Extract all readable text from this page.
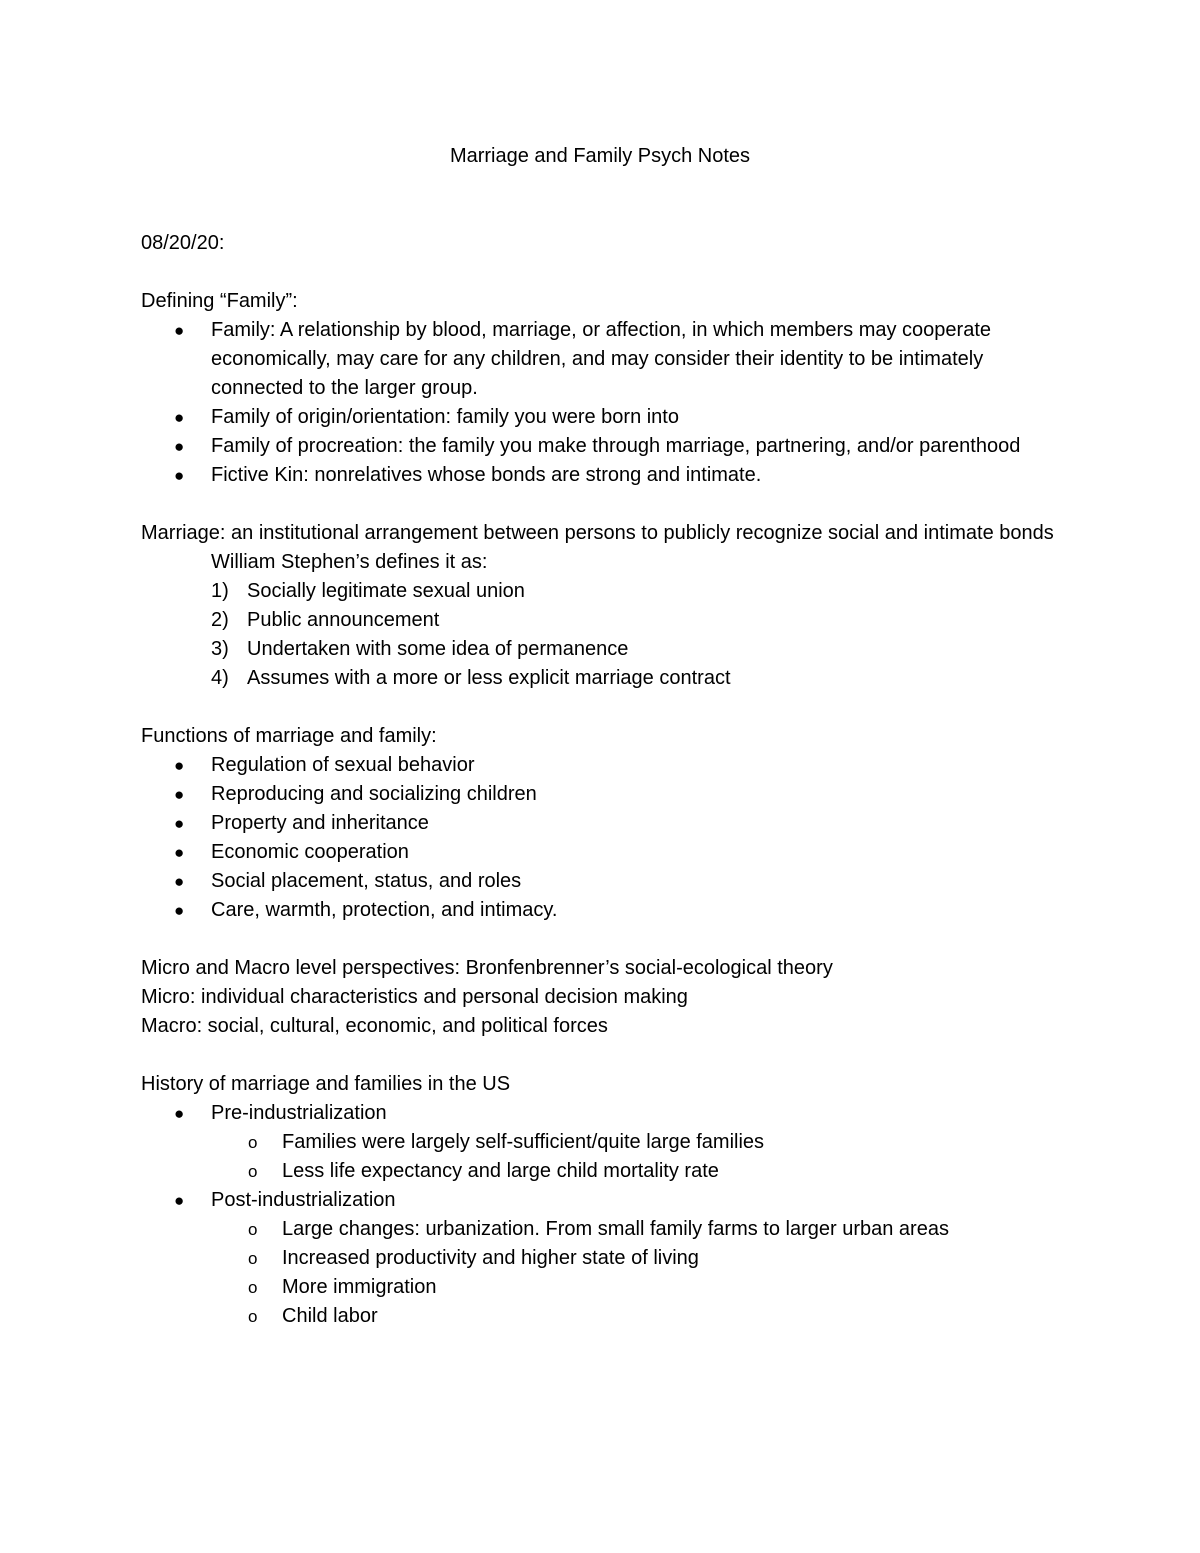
Marriage and Family Psych Notes

08/20/20:

Defining “Family”:

● Family: A relationship by blood, marriage, or affection, in which members may cooperate economically, may care for any children, and may consider their identity to be intimately connected to the larger group.
● Family of origin/orientation: family you were born into
● Family of procreation: the family you make through marriage, partnering, and/or parenthood
● Fictive Kin: nonrelatives whose bonds are strong and intimate.

Marriage: an institutional arrangement between persons to publicly recognize social and intimate bonds

William Stephen’s defines it as:

1) Socially legitimate sexual union
2) Public announcement
3) Undertaken with some idea of permanence
4) Assumes with a more or less explicit marriage contract

Functions of marriage and family:

● Regulation of sexual behavior
● Reproducing and socializing children
● Property and inheritance
● Economic cooperation
● Social placement, status, and roles
● Care, warmth, protection, and intimacy.

Micro and Macro level perspectives: Bronfenbrenner’s social-ecological theory

Micro: individual characteristics and personal decision making

Macro: social, cultural, economic, and political forces

History of marriage and families in the US

● Pre-industrialization
o Families were largely self-sufficient/quite large families
o Less life expectancy and large child mortality rate
● Post-industrialization
o Large changes: urbanization. From small family farms to larger urban areas
o Increased productivity and higher state of living
o More immigration
o Child labor
